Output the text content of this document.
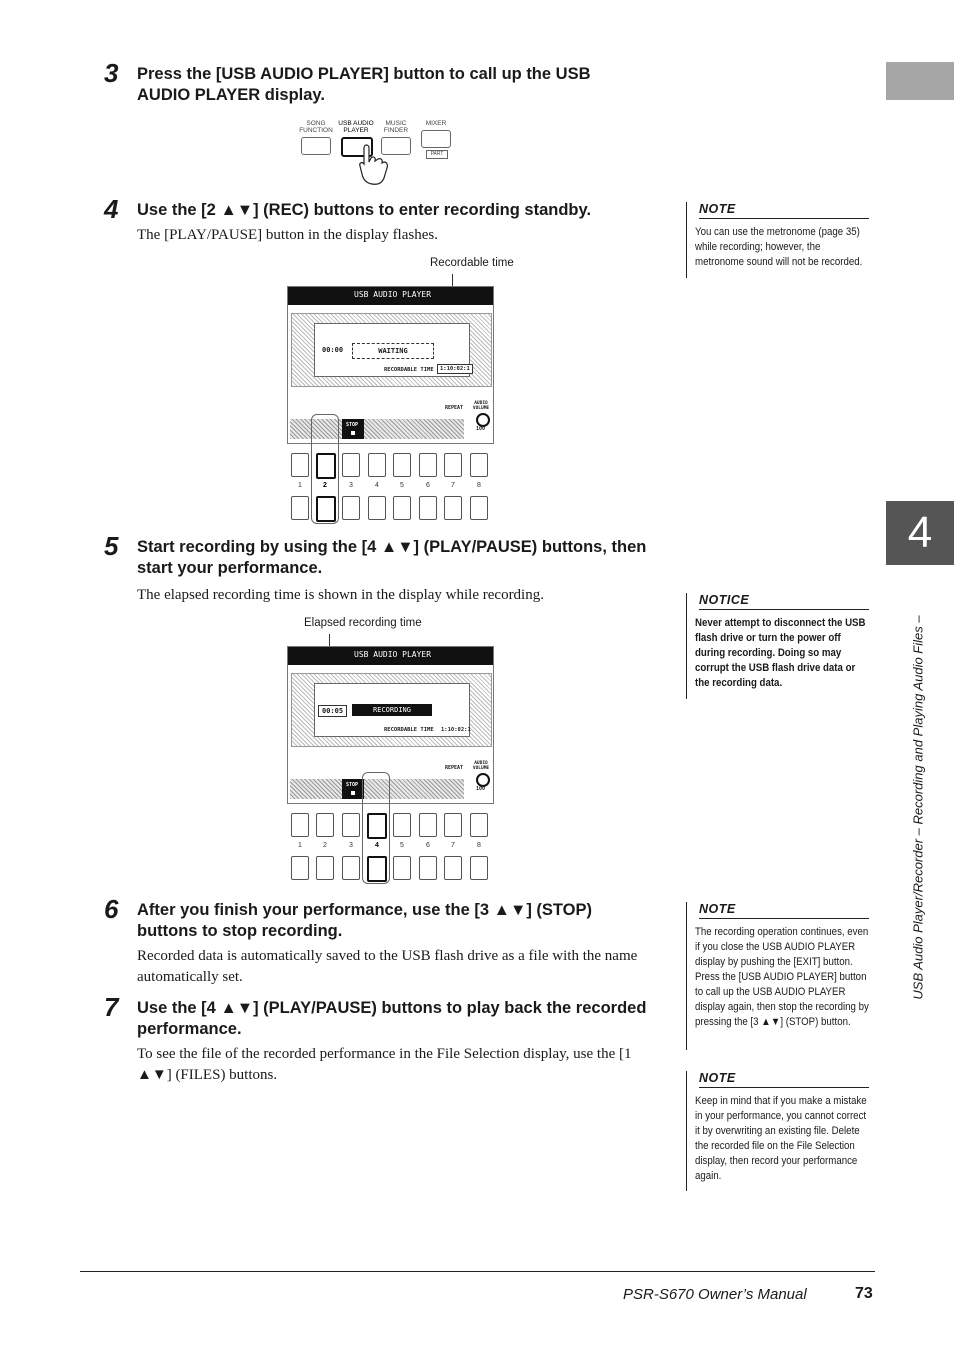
4
USB Audio Player/Recorder – Recording and Playing Audio Files –
3 Press the [USB AUDIO PLAYER] button to call up the USB AUDIO PLAYER display.
SONG
FUNCTION
USB AUDIO
PLAYER
MUSIC
FINDER
MIXER
PART
4 Use the [2 ▲▼] (REC) buttons to enter recording standby.
The [PLAY/PAUSE] button in the display flashes.
Recordable time
USB AUDIO PLAYER
00:00	WAITING
RECORDABLE TIME	1:10:02:1
REPEAT
AUDIO VOLUME
STOP
100
1	2	3	4	5	6	7	8
5 Start recording by using the [4 ▲▼] (PLAY/PAUSE) buttons, then start your performance.
The elapsed recording time is shown in the display while recording.
Elapsed recording time
USB AUDIO PLAYER
00:05	RECORDING
RECORDABLE TIME 1:10:02:1
REPEAT
AUDIO VOLUME
STOP
100
1	2	3	4	5	6	7	8
6 After you finish your performance, use the [3 ▲▼] (STOP) buttons to stop recording.
Recorded data is automatically saved to the USB flash drive as a file with the name automatically set.
7 Use the [4 ▲▼] (PLAY/PAUSE) buttons to play back the recorded performance.
To see the file of the recorded performance in the File Selection display, use the [1 ▲▼] (FILES) buttons.
NOTE
You can use the metronome (page 35) while recording; however, the metronome sound will not be recorded.
NOTICE
Never attempt to disconnect the USB flash drive or turn the power off during recording. Doing so may corrupt the USB flash drive data or the recording data.
NOTE
The recording operation continues, even if you close the USB AUDIO PLAYER display by pushing the [EXIT] button. Press the [USB AUDIO PLAYER] button to call up the USB AUDIO PLAYER display again, then stop the recording by pressing the [3 ▲▼] (STOP) button.
NOTE
Keep in mind that if you make a mistake in your performance, you cannot correct it by overwriting an existing file. Delete the recorded file on the File Selection display, then record your performance again.
PSR-S670 Owner’s Manual	73
